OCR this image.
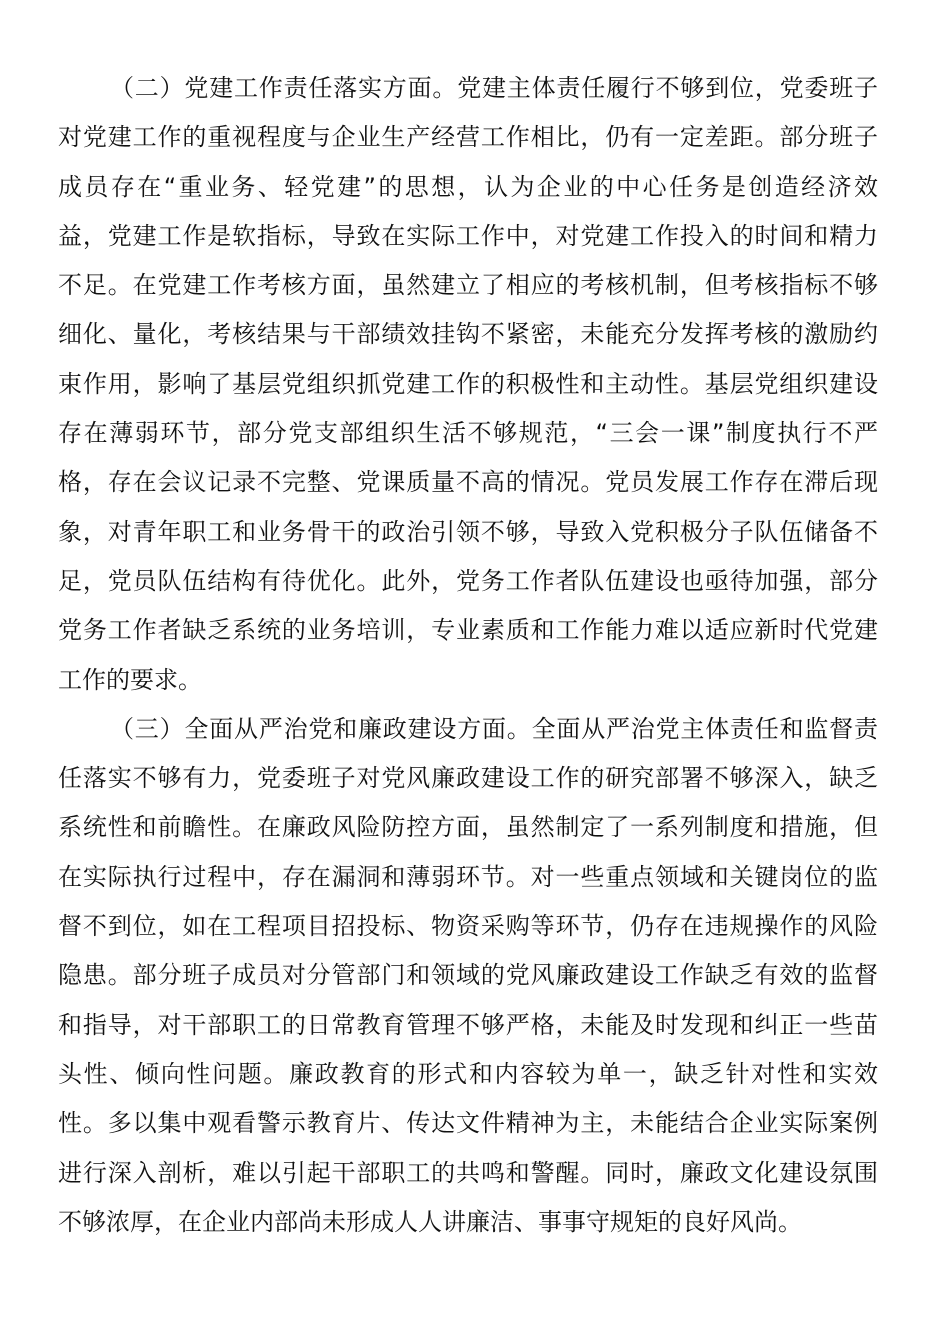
（二）党建工作责任落实方面。党建主体责任履行不够到位，党委班子
对党建工作的重视程度与企业生产经营工作相比，仍有一定差距。部分班子
成员存在“重业务、轻党建”的思想，认为企业的中心任务是创造经济效
益，党建工作是软指标，导致在实际工作中，对党建工作投入的时间和精力
不足。在党建工作考核方面，虽然建立了相应的考核机制，但考核指标不够
细化、量化，考核结果与干部绩效挂钩不紧密，未能充分发挥考核的激励约
束作用，影响了基层党组织抓党建工作的积极性和主动性。基层党组织建设
存在薄弱环节，部分党支部组织生活不够规范，“三会一课”制度执行不严
格，存在会议记录不完整、党课质量不高的情况。党员发展工作存在滞后现
象，对青年职工和业务骨干的政治引领不够，导致入党积极分子队伍储备不
足，党员队伍结构有待优化。此外，党务工作者队伍建设也亟待加强，部分
党务工作者缺乏系统的业务培训，专业素质和工作能力难以适应新时代党建
工作的要求。
（三）全面从严治党和廉政建设方面。全面从严治党主体责任和监督责
任落实不够有力，党委班子对党风廉政建设工作的研究部署不够深入，缺乏
系统性和前瞻性。在廉政风险防控方面，虽然制定了一系列制度和措施，但
在实际执行过程中，存在漏洞和薄弱环节。对一些重点领域和关键岗位的监
督不到位，如在工程项目招投标、物资采购等环节，仍存在违规操作的风险
隐患。部分班子成员对分管部门和领域的党风廉政建设工作缺乏有效的监督
和指导，对干部职工的日常教育管理不够严格，未能及时发现和纠正一些苗
头性、倾向性问题。廉政教育的形式和内容较为单一，缺乏针对性和实效
性。多以集中观看警示教育片、传达文件精神为主，未能结合企业实际案例
进行深入剖析，难以引起干部职工的共鸣和警醒。同时，廉政文化建设氛围
不够浓厚，在企业内部尚未形成人人讲廉洁、事事守规矩的良好风尚。
